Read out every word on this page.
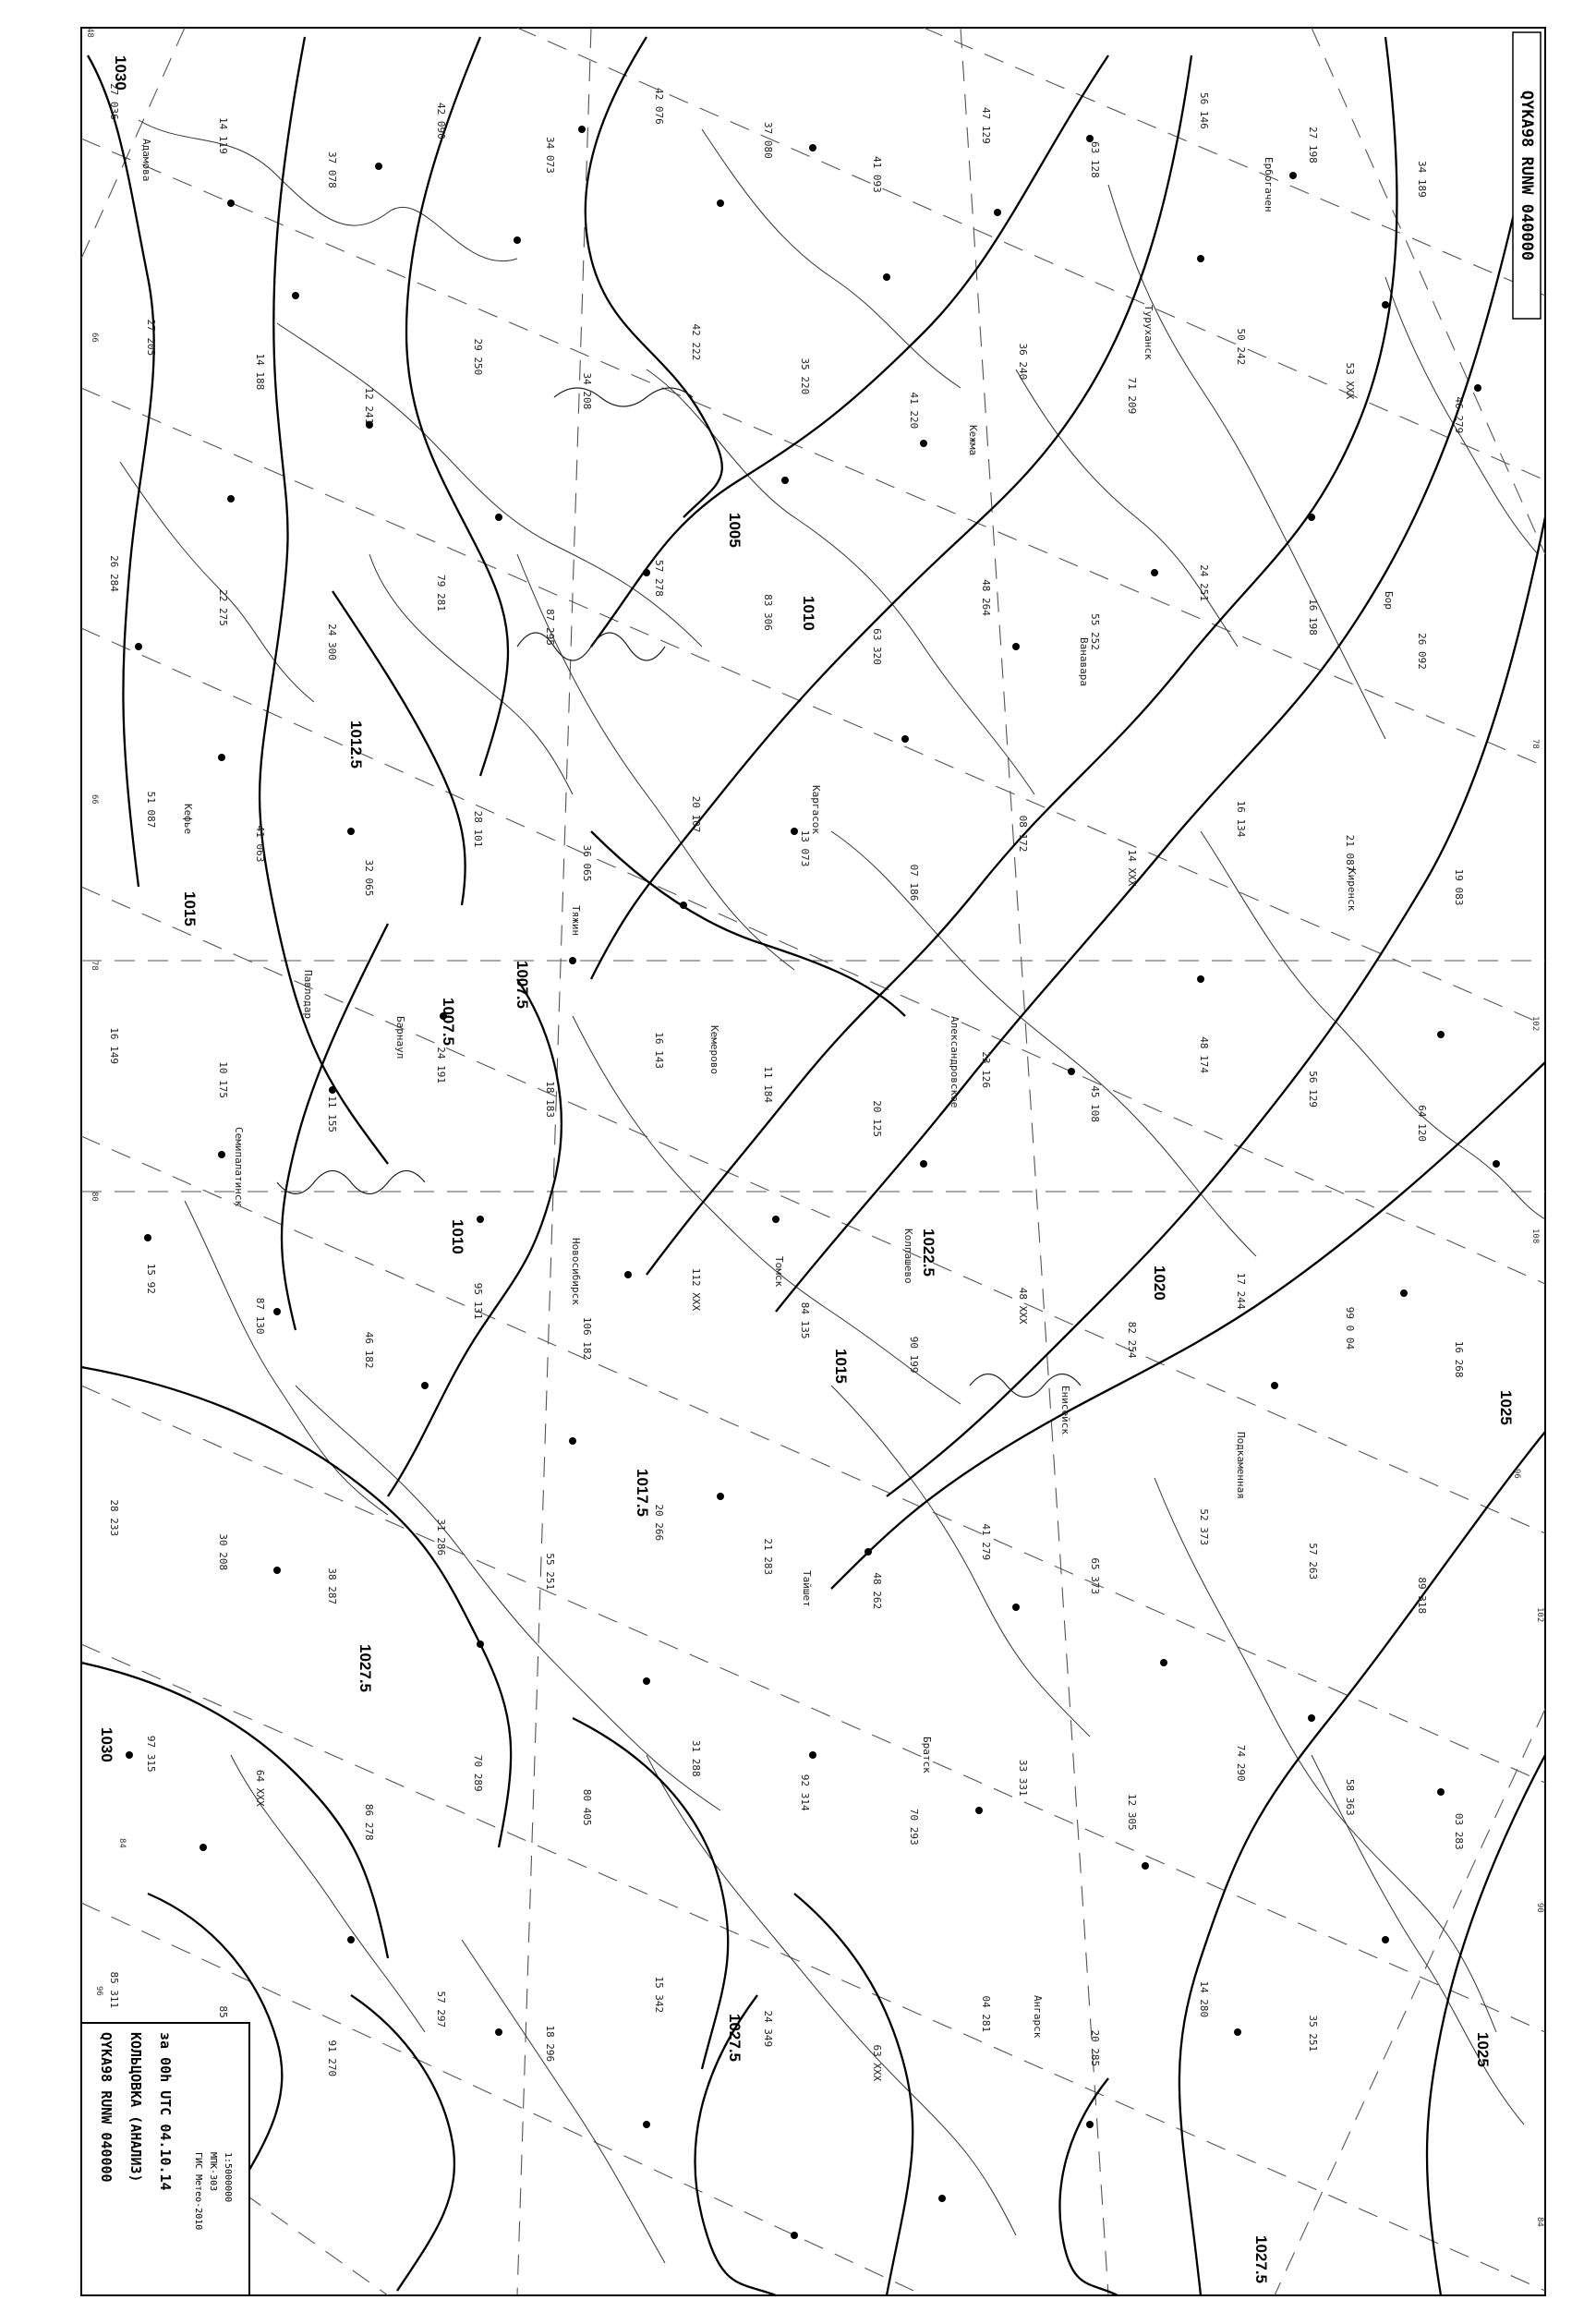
1005
1007.5
1007.5
1010
1012.5
1015
1020
1025
1025
1027.5
1027.5
1027.5
1010
1017.5
1022.5
1030
1030
1015
Адамова
Кефье
Семипалатинск
Павлодар
Барнаул
Новосибирск
Кемерово
Томск	Колпашево
Александровское
Каргасок
Тайшет
Кежма
Ванавара
Туруханск
Енисейск
Подкаменная
Бор
Ербогачен
Киренск
Братск
Ангарск
Тяжин
27 036
14 119
37 078
42 090
34 073
42 076
37 080
41 093
47 129
63 128
56 146
27 198
34 189
27 205
14 188
12 241
29 250
34 208
42 222
35 220
41 220
36 240
71 209
50 242
53 XXX
46 279
26 284
22 275
24 300
79 281
87 295
57 278
83 306
63 320
48 264
55 252
24 251
16 198
26 092
51 087
41 063
32 065
28 101
36 065
20 107
13 073
07 186
08 172
14 XXX
16 134
21 087
19 083
16 149
10 175
11 155
24 191
18 183
16 143
11 184
20 125
23 126
45 108
48 174
56 129
64 120
15 92
87 130
46 182
95 131
106 182
112 XXX
84 135
90 199
48 XXX
82 254
17 244
99 0 04
16 268
28 233
30 208
38 287
31 286
55 251
20 266
21 283
48 262
41 279
65 373
52 373
57 263
89 318
97 315
64 XXX
86 278
70 289
80 405
31 288
92 314
70 293
33 331
12 305
74 290
58 363
03 283
85 311
91 270
57 297
18 296
15 342
24 349
63 XXX
04 281
20 285
14 280
35 251
48
66
78
80
84
96
102
108
96
66
78
90
84
102
QYKA98 RUNW 040000
QYKA98 RUNW 040000 КОЛЬЦОВКА (АНАЛИЗ) за 00h UTC 04.10.14
ГИС Метео-2010 МПК-303 1:5000000
